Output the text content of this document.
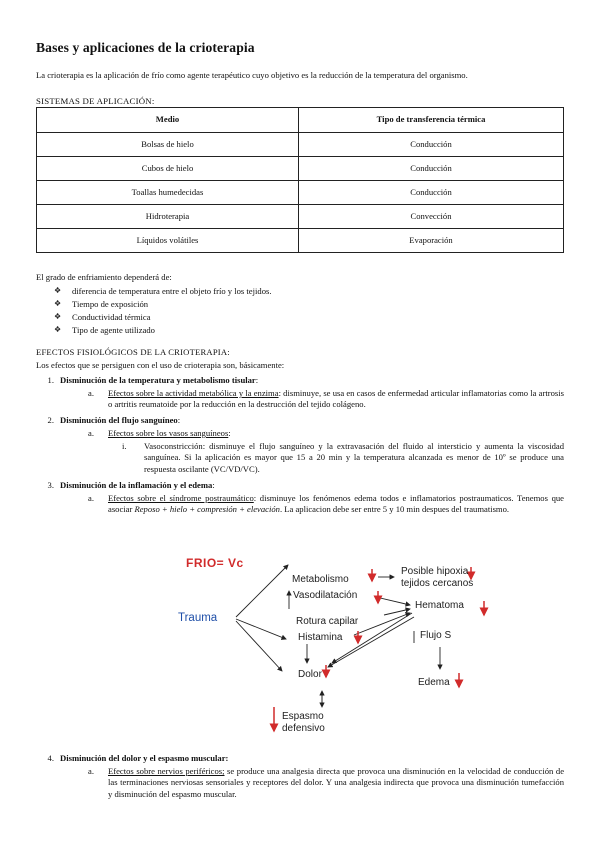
Bases y aplicaciones de la crioterapia
La crioterapia es la aplicación de frío como agente terapéutico cuyo objetivo es la reducción de la temperatura del organismo.
SISTEMAS DE APLICACIÓN:
Medio	Tipo de transferencia térmica
Bolsas de hielo	Conducción
Cubos de hielo	Conducción
Toallas humedecidas	Conducción
Hidroterapia	Convección
Líquidos volátiles	Evaporación
El grado de enfriamiento dependerá de:
❖	diferencia de temperatura entre el objeto frío y los tejidos.
❖	Tiempo de exposición
❖	Conductividad térmica
❖	Tipo de agente utilizado
EFECTOS FISIOLÓGICOS DE LA CRIOTERAPIA:
Los efectos que se persiguen con el uso de crioterapia son, básicamente:
1. Disminución de la temperatura y metabolismo tisular:
a. Efectos sobre la actividad metabólica y la enzima: disminuye, se usa en casos de enfermedad articular inflamatorias como la artrosis o artritis reumatoide por la reducción en la destrucción del tejido colágeno.
2. Disminución del flujo sanguíneo:
a. Efectos sobre los vasos sanguíneos:
i. Vasoconstricción: disminuye el flujo sanguíneo y la extravasación del fluido al intersticio y aumenta la viscosidad sanguínea. Si la aplicación es mayor que 15 a 20 min y la temperatura alcanzada es menor de 10º se produce una respuesta oscilante (VC/VD/VC).
3. Disminución de la inflamación y el edema:
a. Efectos sobre el síndrome postraumático: disminuye los fenómenos edema todos e inflamatorios postraumaticos. Tenemos que asociar Reposo + hielo + compresión + elevación. La aplicacion debe ser entre 5 y 10 min despues del traumatismo.
FRIO= Vc
Trauma
Metabolismo
Posible hipoxia
tejidos cercanos
Vasodilatación
Rotura capilar
Histamina
Hematoma
Flujo S
Dolor
Edema
Espasmo
defensivo
4. Disminución del dolor y el espasmo muscular:
a. Efectos sobre nervios periféricos; se produce una analgesia directa que provoca una disminución en la velocidad de conducción de las terminaciones nerviosas sensoriales y receptores del dolor. Y una analgesia indirecta que provoca una disminución tumefacción y disminución del espasmo muscular.
